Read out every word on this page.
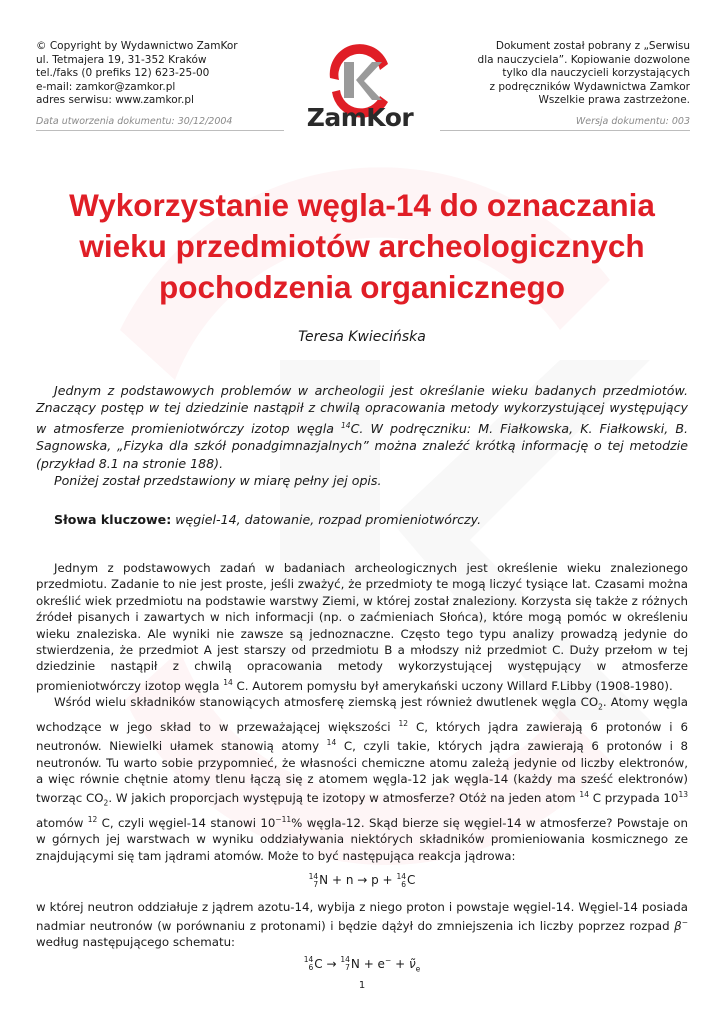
© Copyright by Wydawnictwo ZamKor
ul. Tetmajera 19, 31-352 Kraków
tel./faks (0 prefiks 12) 623-25-00
e-mail: zamkor@zamkor.pl
adres serwisu: www.zamkor.pl
ZamKor
Dokument został pobrany z „Serwisu
dla nauczyciela”. Kopiowanie dozwolone
tylko dla nauczycieli korzystających
z podręczników Wydawnictwa Zamkor
Wszelkie prawa zastrzeżone.
Data utworzenia dokumentu: 30/12/2004	Wersja dokumentu: 003
Wykorzystanie węgla-14 do oznaczania
wieku przedmiotów archeologicznych
pochodzenia organicznego
Teresa Kwiecińska

Jednym z podstawowych problemów w archeologii jest określanie wieku badanych przedmiotów. Znaczący postęp w tej dziedzinie nastąpił z chwilą opracowania metody wykorzystującej występujący w atmosferze promieniotwórczy izotop węgla $^{14}$C. W podręczniku: M. Fiałkowska, K. Fiałkowski, B. Sagnowska, „Fizyka dla szkół ponadgimnazjalnych” można znaleźć krótką informację o tej metodzie (przykład 8.1 na stronie 188).

Poniżej został przedstawiony w miarę pełny jej opis.

Słowa kluczowe: węgiel-14, datowanie, rozpad promieniotwórczy.

Jednym z podstawowych zadań w badaniach archeologicznych jest określenie wieku znalezionego przedmiotu. Zadanie to nie jest proste, jeśli zważyć, że przedmioty te mogą liczyć tysiące lat. Czasami można określić wiek przedmiotu na podstawie warstwy Ziemi, w której został znaleziony. Korzysta się także z różnych źródeł pisanych i zawartych w nich informacji (np. o zaćmieniach Słońca), które mogą pomóc w określeniu wieku znaleziska. Ale wyniki nie zawsze są jednoznaczne. Często tego typu analizy prowadzą jedynie do stwierdzenia, że przedmiot A jest starszy od przedmiotu B a młodszy niż przedmiot C. Duży przełom w tej dziedzinie nastąpił z chwilą opracowania metody wykorzystującej występujący w atmosferze promieniotwórczy izotop węgla $^{14}$ C. Autorem pomysłu był amerykański uczony Willard F.Libby (1908-1980).

Wśród wielu składników stanowiących atmosferę ziemską jest również dwutlenek węgla $CO_2$. Atomy węgla wchodzące w jego skład to w przeważającej większości $^{12}$ C, których jądra zawierają 6 protonów i 6 neutronów. Niewielki ułamek stanowią atomy $^{14}$ C, czyli takie, których jądra zawierają 6 protonów i 8 neutronów. Tu warto sobie przypomnieć, że własności chemiczne atomu zależą jedynie od liczby elektronów, a więc równie chętnie atomy tlenu łączą się z atomem węgla-12 jak węgla-14 (każdy ma sześć elektronów) tworząc $CO_2$. W jakich proporcjach występują te izotopy w atmosferze? Otóż na jeden atom $^{14}$ C przypada $10^{13}$ atomów $^{12}$ C, czyli węgiel-14 stanowi $10^{-11}\%$ węgla-12. Skąd bierze się węgiel-14 w atmosferze? Powstaje on w górnych jej warstwach w wyniku oddziaływania niektórych składników promieniowania kosmicznego ze znajdującymi się tam jądrami atomów. Może to być następująca reakcja jądrowa:

14
7N + n → p + 14
6C

w której neutron oddziałuje z jądrem azotu-14, wybija z niego proton i powstaje węgiel-14. Węgiel-14 posiada nadmiar neutronów (w porównaniu z protonami) i będzie dążył do zmniejszenia ich liczby poprzez rozpad β− według następującego schematu:

14
6C → 14
$7N + e^- + \nũ_e$
1
